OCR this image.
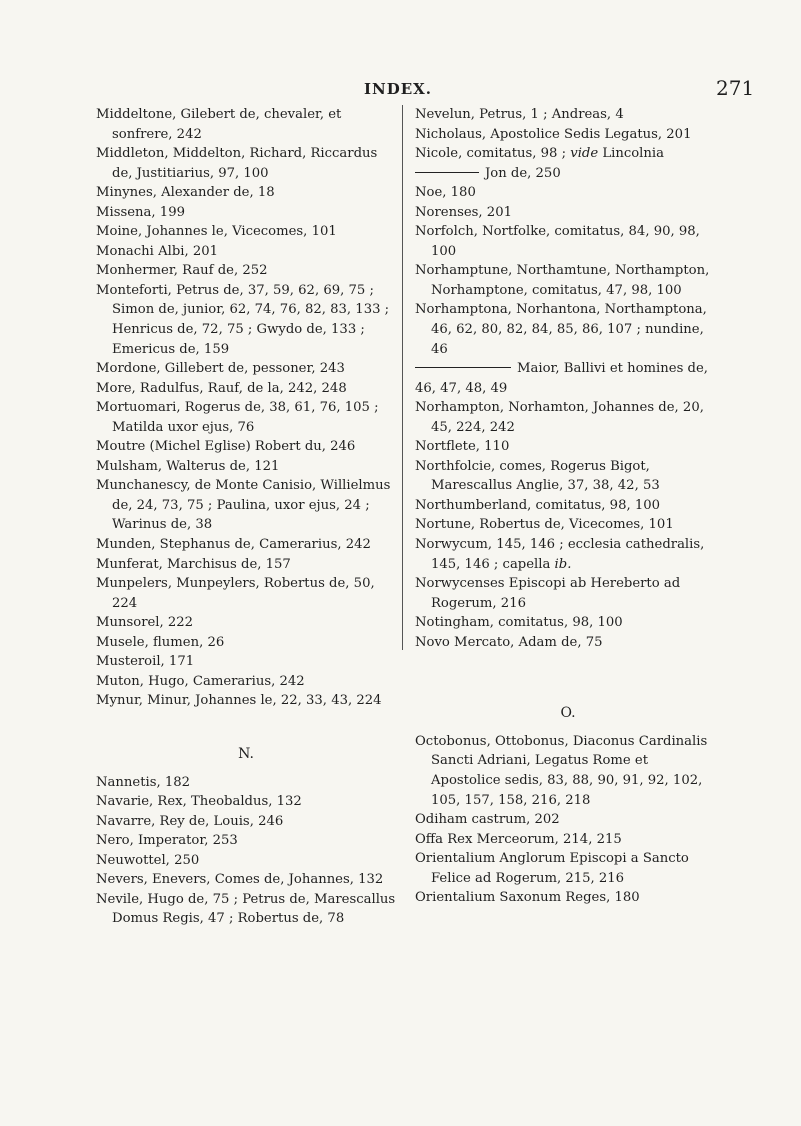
INDEX.	271

Middeltone, Gilebert de, chevaler, et sonfrere, 242

Middleton, Middelton, Richard, Riccardus de, Justitiarius, 97, 100

Minynes, Alexander de, 18

Missena, 199

Moine, Johannes le, Vicecomes, 101

Monachi Albi, 201

Monhermer, Rauf de, 252

Monteforti, Petrus de, 37, 59, 62, 69, 75 ; Simon de, junior, 62, 74, 76, 82, 83, 133 ; Henricus de, 72, 75 ; Gwydo de, 133 ; Emericus de, 159

Mordone, Gillebert de, pessoner, 243

More, Radulfus, Rauf, de la, 242, 248

Mortuomari, Rogerus de, 38, 61, 76, 105 ; Matilda uxor ejus, 76

Moutre (Michel Eglise) Robert du, 246

Mulsham, Walterus de, 121

Munchanescy, de Monte Canisio, Willielmus de, 24, 73, 75 ; Paulina, uxor ejus, 24 ; Warinus de, 38

Munden, Stephanus de, Camerarius, 242

Munferat, Marchisus de, 157

Munpelers, Munpeylers, Robertus de, 50, 224

Munsorel, 222

Musele, flumen, 26

Musteroil, 171

Muton, Hugo, Camerarius, 242

Mynur, Minur, Johannes le, 22, 33, 43, 224

N.

Nannetis, 182

Navarie, Rex, Theobaldus, 132

Navarre, Rey de, Louis, 246

Nero, Imperator, 253

Neuwottel, 250

Nevers, Enevers, Comes de, Johannes, 132

Nevile, Hugo de, 75 ; Petrus de, Marescallus Domus Regis, 47 ; Robertus de, 78

Nevelun, Petrus, 1 ; Andreas, 4

Nicholaus, Apostolice Sedis Legatus, 201

Nicole, comitatus, 98 ; vide Lincolnia

Jon de, 250

Noe, 180

Norenses, 201

Norfolch, Nortfolke, comitatus, 84, 90, 98, 100

Norhamptune, Northamtune, Northampton, Norhamptone, comitatus, 47, 98, 100

Norhamptona, Norhantona, Northamptona, 46, 62, 80, 82, 84, 85, 86, 107 ; nundine, 46

Maior, Ballivi et homines de, 46, 47, 48, 49

Norhampton, Norhamton, Johannes de, 20, 45, 224, 242

Nortflete, 110

Northfolcie, comes, Rogerus Bigot, Marescallus Anglie, 37, 38, 42, 53

Northumberland, comitatus, 98, 100

Nortune, Robertus de, Vicecomes, 101

Norwycum, 145, 146 ; ecclesia cathedralis, 145, 146 ; capella ib.

Norwycenses Episcopi ab Hereberto ad Rogerum, 216

Notingham, comitatus, 98, 100

Novo Mercato, Adam de, 75

O.

Octobonus, Ottobonus, Diaconus Cardinalis Sancti Adriani, Legatus Rome et Apostolice sedis, 83, 88, 90, 91, 92, 102, 105, 157, 158, 216, 218

Odiham castrum, 202

Offa Rex Merceorum, 214, 215

Orientalium Anglorum Episcopi a Sancto Felice ad Rogerum, 215, 216

Orientalium Saxonum Reges, 180
